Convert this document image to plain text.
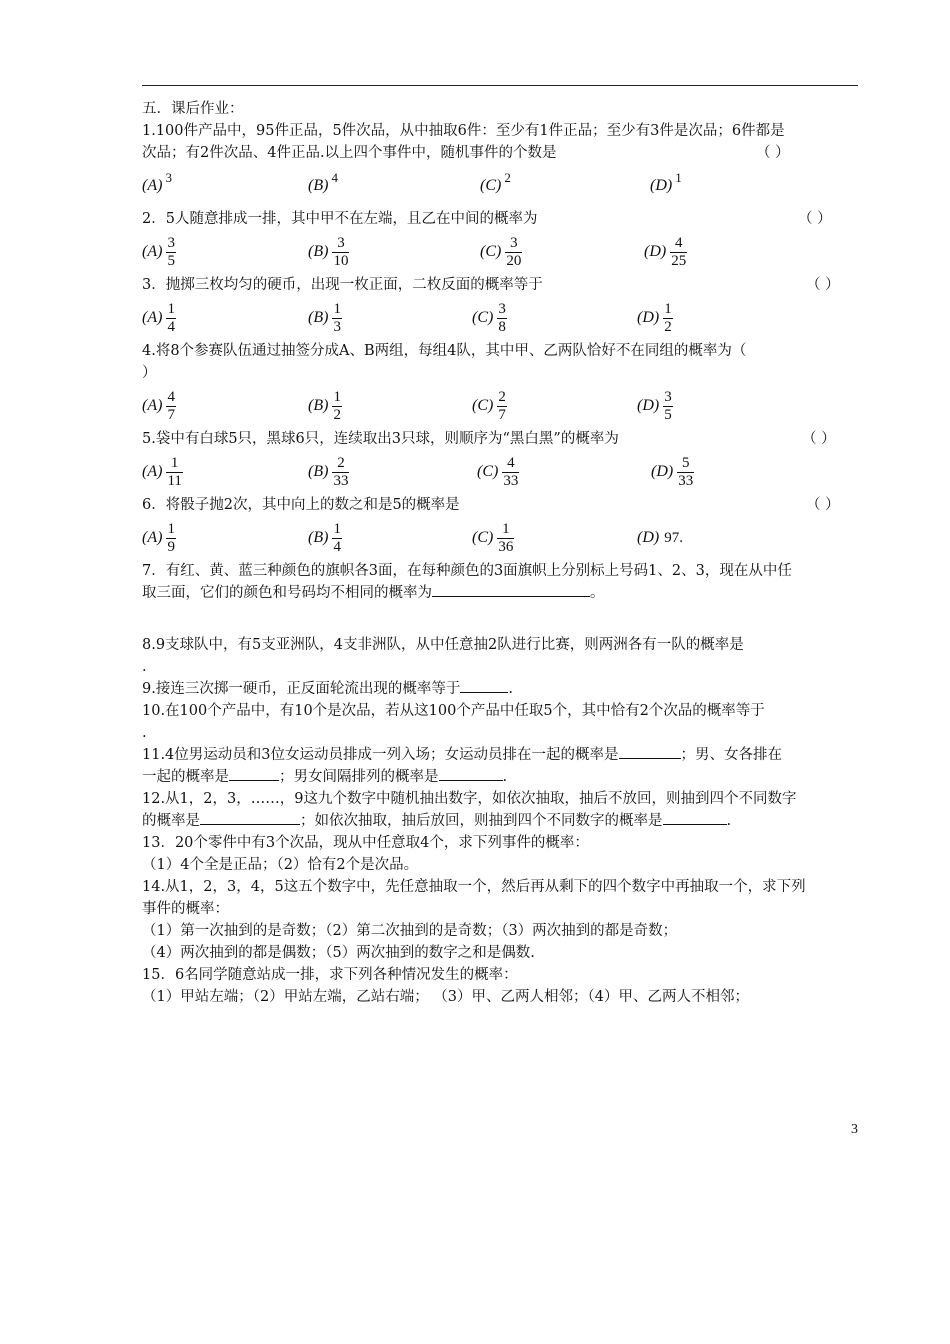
五．课后作业：
1.100件产品中，95件正品，5件次品，从中抽取6件：至少有1件正品；至少有3件是次品；6件都是
次品；有2件次品、4件正品.以上四个事件中，随机事件的个数是	（ ）
(A) 3	(B) 4	(C) 2	(D) 1
2．5人随意排成一排，其中甲不在左端，且乙在中间的概率为	（ ）
$(A) \frac{3}{5}$	$(B) \frac{3}{10}$	$(C) \frac{3}{20}$	$(D) \frac{4}{25}$
3．抛掷三枚均匀的硬币，出现一枚正面，二枚反面的概率等于	（ ）
$(A) \frac{1}{4}$	$(B) \frac{1}{3}$	$(C) \frac{3}{8}$	$(D) \frac{1}{2}$
4.将8个参赛队伍通过抽签分成A、B两组，每组4队，其中甲、乙两队恰好不在同组的概率为（
）
$(A) \frac{4}{7}$	$(B) \frac{1}{2}$	$(C) \frac{2}{7}$	$(D) \frac{3}{5}$
5.袋中有白球5只，黑球6只，连续取出3只球，则顺序为“黑白黑”的概率为	（ ）
$(A) \frac{1}{11}$	$(B) \frac{2}{33}$	$(C) \frac{4}{33}$	$(D) \frac{5}{33}$
6．将骰子抛2次，其中向上的数之和是5的概率是	（ ）
$(A) \frac{1}{9}$	$(B) \frac{1}{4}$	$(C) \frac{1}{36}$	(D) 97.
7．有红、黄、蓝三种颜色的旗帜各3面，在每种颜色的3面旗帜上分别标上号码1、2、3，现在从中任
取三面，它们的颜色和号码均不相同的概率为	。
8.9支球队中，有5支亚洲队，4支非洲队，从中任意抽2队进行比赛，则两洲各有一队的概率是
.
9.接连三次掷一硬币，正反面轮流出现的概率等于	.
10.在100个产品中，有10个是次品，若从这100个产品中任取5个，其中恰有2个次品的概率等于
.
11.4位男运动员和3位女运动员排成一列入场；女运动员排在一起的概率是	；男、女各排在
一起的概率是	；男女间隔排列的概率是	.
12.从1，2，3，……，9这九个数字中随机抽出数字，如依次抽取，抽后不放回，则抽到四个不同数字
的概率是	；如依次抽取，抽后放回，则抽到四个不同数字的概率是	.
13．20个零件中有3个次品，现从中任意取4个，求下列事件的概率：
（1）4个全是正品；（2）恰有2个是次品。
14.从1，2，3，4，5这五个数字中，先任意抽取一个，然后再从剩下的四个数字中再抽取一个，求下列
事件的概率：
（1）第一次抽到的是奇数；（2）第二次抽到的是奇数；（3）两次抽到的都是奇数；
（4）两次抽到的都是偶数；（5）两次抽到的数字之和是偶数.
15．6名同学随意站成一排，求下列各种情况发生的概率：
（1）甲站左端；（2）甲站左端，乙站右端； （3）甲、乙两人相邻；（4）甲、乙两人不相邻；
3
